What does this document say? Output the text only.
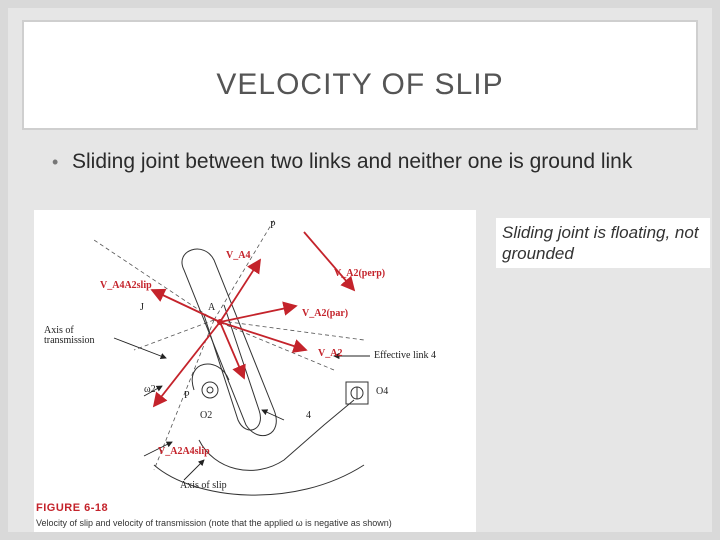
VELOCITY OF SLIP
• Sliding joint between two links and neither one is ground link
P
V_A4
V_A4A2slip
V_A2(perp)
V_A2(par)
V_A2
A
J
Axis of transmission
Effective link 4
ω2
P
O2
O4
4
V_A2A4slip
Axis of slip
FIGURE 6-18
Velocity of slip and velocity of transmission (note that the applied ω is negative as shown)
Sliding joint is floating, not grounded
